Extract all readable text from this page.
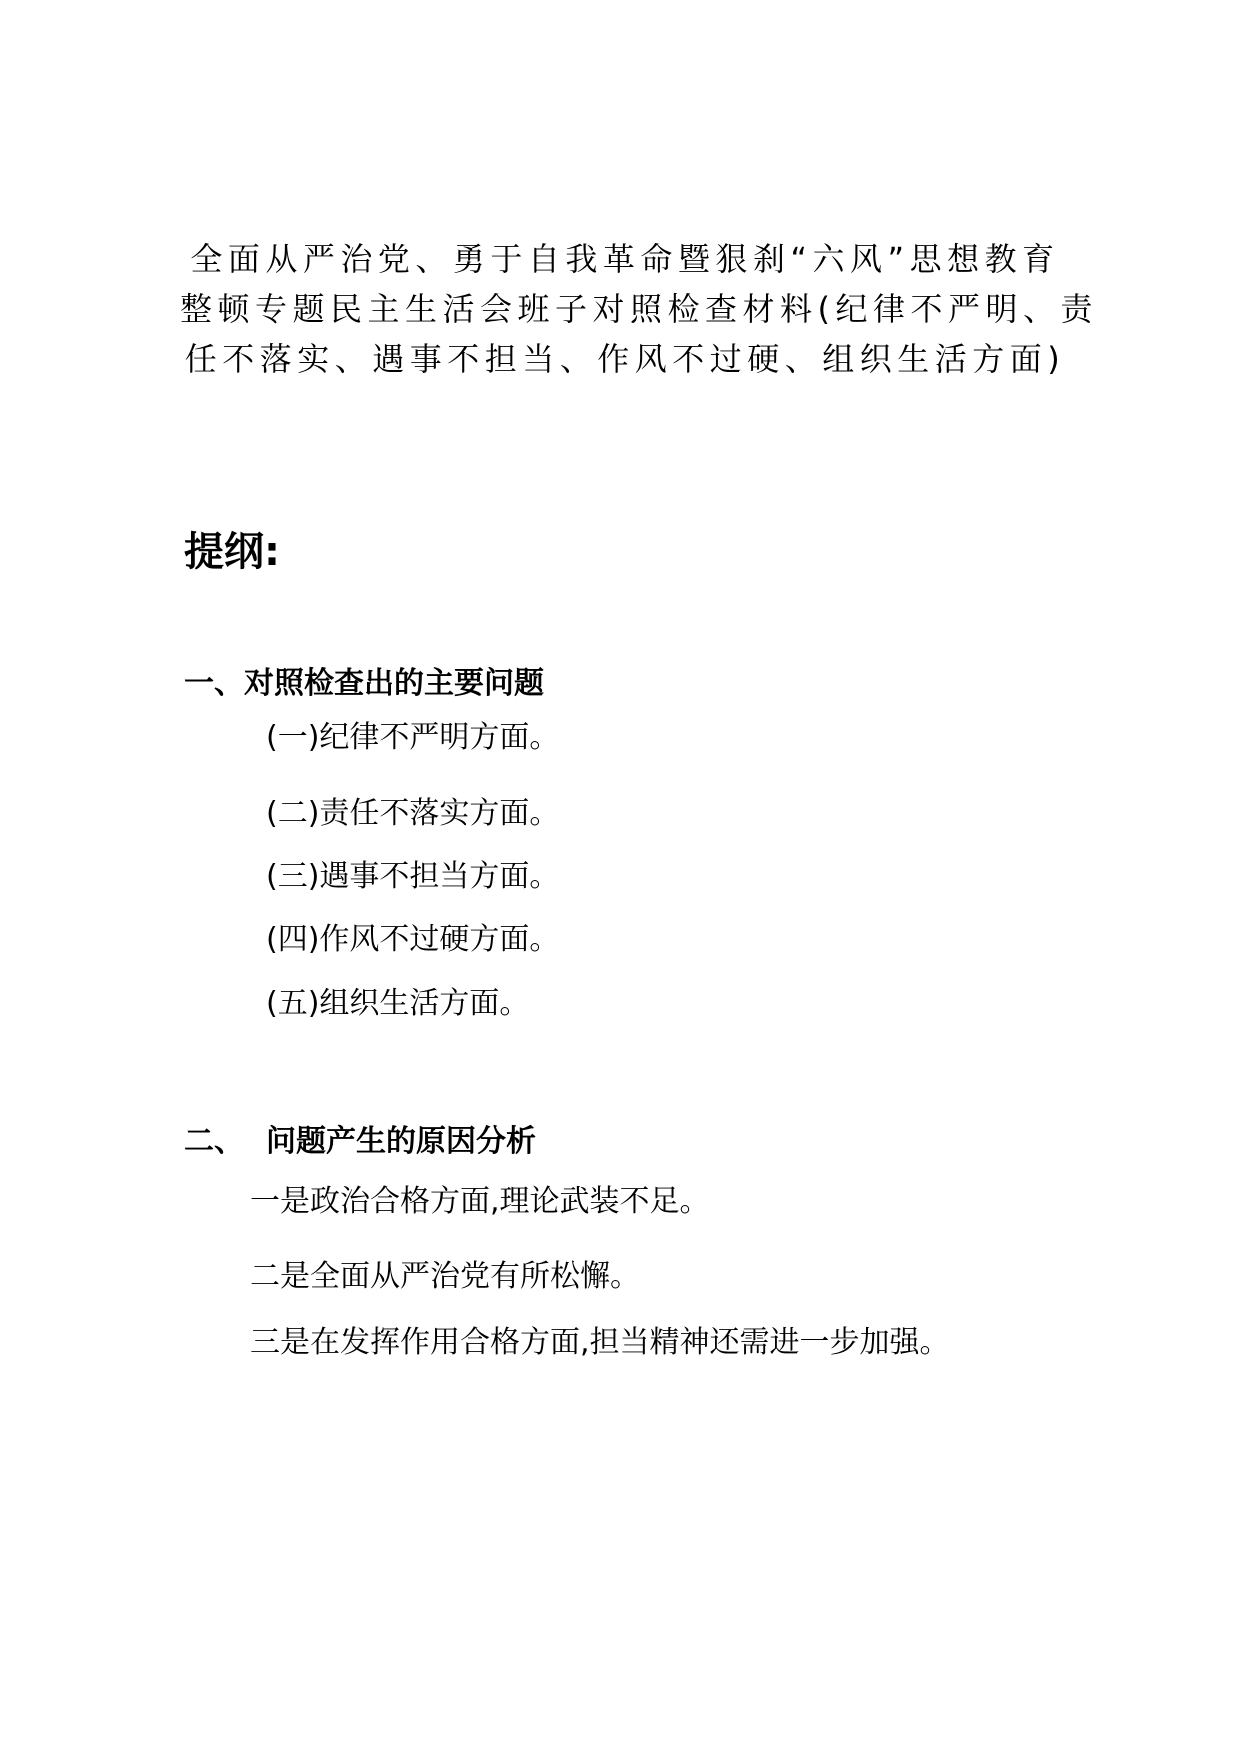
全面从严治党、勇于自我革命暨狠刹“六风”思想教育
整顿专题民主生活会班子对照检查材料(纪律不严明、责
任不落实、遇事不担当、作风不过硬、组织生活方面)
提纲:
一、对照检查出的主要问题

(一)纪律不严明方面。

(二)责任不落实方面。

(三)遇事不担当方面。

(四)作风不过硬方面。

(五)组织生活方面。

二、 问题产生的原因分析

一是政治合格方面,理论武装不足。

二是全面从严治党有所松懈。

三是在发挥作用合格方面,担当精神还需进一步加强。
